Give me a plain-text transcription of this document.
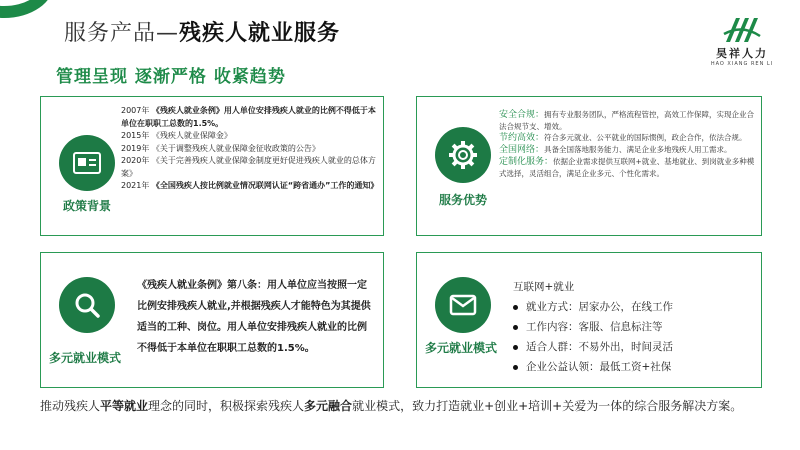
服务产品—残疾人就业服务
昊祥人力
HAO XIANG REN LI
管理呈现 逐渐严格 收紧趋势
政策背景
2007年 《残疾人就业条例》用人单位安排残疾人就业的比例不得低于本单位在职职工总数的1.5%。
2015年 《残疾人就业保障金》
2019年 《关于调整残疾人就业保障金征收政策的公告》
2020年 《关于完善残疾人就业保障金制度更好促进残疾人就业的总体方案》
2021年 《全国残疾人按比例就业情况联网认证“跨省通办”工作的通知》
服务优势
安全合规：拥有专业服务团队，严格流程管控，高效工作保障，实现企业合法合规节支、增效。
节约高效：符合多元就业、公平就业的国际惯例，政企合作，依法合规。
全国网络：具备全国落地服务能力、满足企业多地残疾人用工需求。
定制化服务：依据企业需求提供互联网+就业、基地就业、到岗就业多种模式选择，灵活组合，满足企业多元、个性化需求。
多元就业模式
《残疾人就业条例》第八条：用人单位应当按照一定比例安排残疾人就业,并根据残疾人才能特色为其提供适当的工种、岗位。用人单位安排残疾人就业的比例不得低于本单位在职职工总数的1.5%。	多元就业模式
互联网+就业
就业方式：居家办公，在线工作
工作内容：客服、信息标注等
适合人群：不易外出，时间灵活
企业公益认领：最低工资+社保
推动残疾人平等就业理念的同时，积极探索残疾人多元融合就业模式，致力打造就业+创业+培训+关爱为一体的综合服务解决方案。
